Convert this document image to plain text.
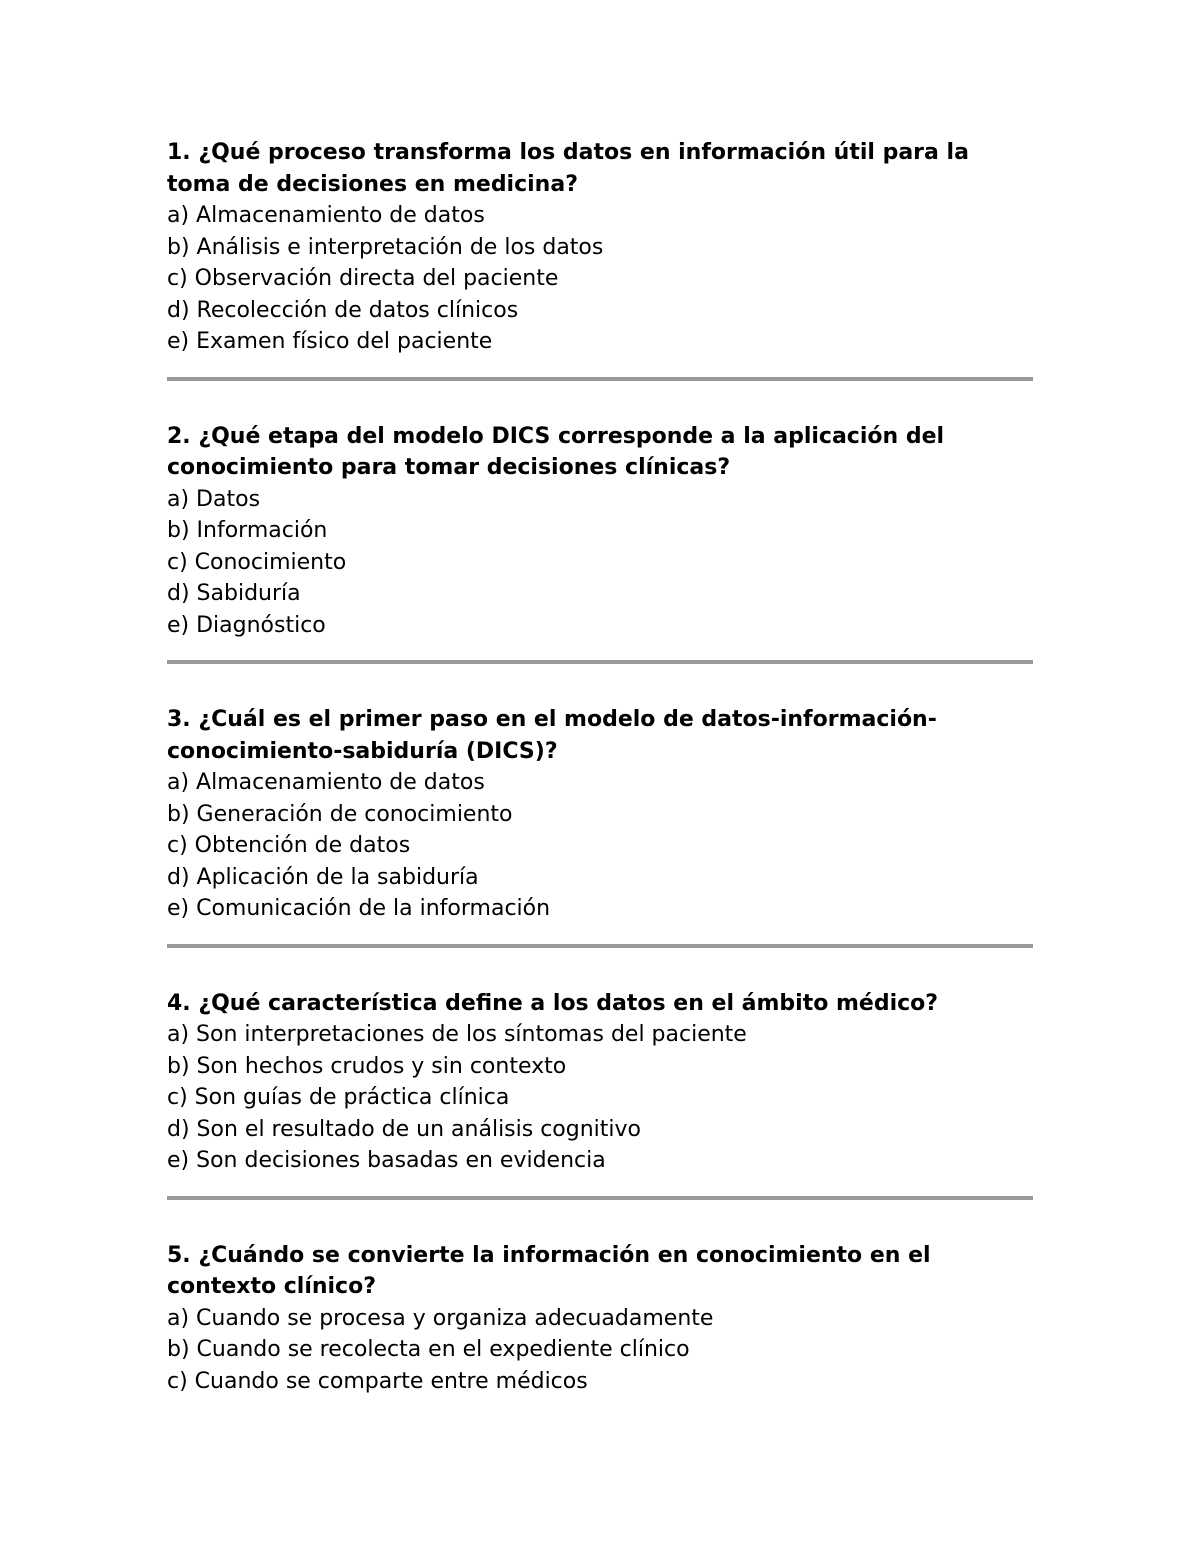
1. ¿Qué proceso transforma los datos en información útil para la toma de decisiones en medicina?

a) Almacenamiento de datos

b) Análisis e interpretación de los datos

c) Observación directa del paciente

d) Recolección de datos clínicos

e) Examen físico del paciente

2. ¿Qué etapa del modelo DICS corresponde a la aplicación del conocimiento para tomar decisiones clínicas?

a) Datos

b) Información

c) Conocimiento

d) Sabiduría

e) Diagnóstico

3. ¿Cuál es el primer paso en el modelo de datos-información-conocimiento-sabiduría (DICS)?

a) Almacenamiento de datos

b) Generación de conocimiento

c) Obtención de datos

d) Aplicación de la sabiduría

e) Comunicación de la información

4. ¿Qué característica define a los datos en el ámbito médico?

a) Son interpretaciones de los síntomas del paciente

b) Son hechos crudos y sin contexto

c) Son guías de práctica clínica

d) Son el resultado de un análisis cognitivo

e) Son decisiones basadas en evidencia

5. ¿Cuándo se convierte la información en conocimiento en el contexto clínico?

a) Cuando se procesa y organiza adecuadamente

b) Cuando se recolecta en el expediente clínico

c) Cuando se comparte entre médicos
